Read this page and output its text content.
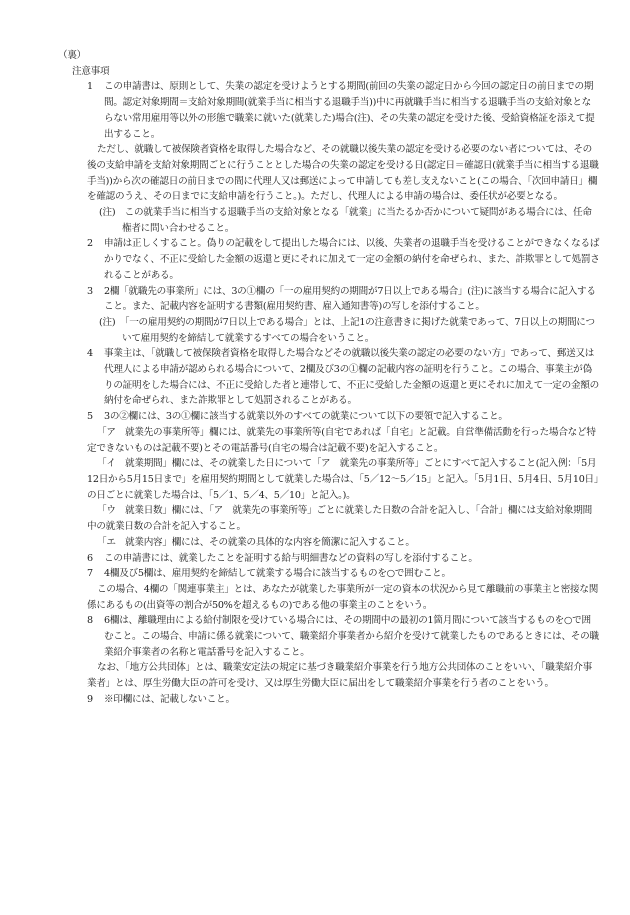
（裏）

注意事項

1 この申請書は、原則として、失業の認定を受けようとする期間(前回の失業の認定日から今回の認定日の前日までの期間。認定対象期間＝支給対象期間(就業手当に相当する退職手当))中に再就職手当に相当する退職手当の支給対象とならない常用雇用等以外の形態で職業に就いた(就業した)場合(注)、その失業の認定を受けた後、受給資格証を添えて提出すること。

ただし、就職して被保険者資格を取得した場合など、その就職以後失業の認定を受ける必要のない者については、その後の支給申請を支給対象期間ごとに行うこととした場合の失業の認定を受ける日(認定日＝確認日(就業手当に相当する退職手当))から次の確認日の前日までの間に代理人又は郵送によって申請しても差し支えないこと(この場合、「次回申請日」欄を確認のうえ、その日までに支給申請を行うこと。)。ただし、代理人による申請の場合は、委任状が必要となる。

(注)　この就業手当に相当する退職手当の支給対象となる「就業」に当たるか否かについて疑問がある場合には、任命権者に問い合わせること。

2 申請は正しくすること。偽りの記載をして提出した場合には、以後、失業者の退職手当を受けることができなくなるばかりでなく、不正に受給した金額の返還と更にそれに加えて一定の金額の納付を命ぜられ、また、詐欺罪として処罰されることがある。

3 2欄「就職先の事業所」には、3の①欄の「一の雇用契約の期間が7日以上である場合」(注)に該当する場合に記入すること。また、記載内容を証明する書類(雇用契約書、雇入通知書等)の写しを添付すること。

(注)　「一の雇用契約の期間が7日以上である場合」とは、上記1の注意書きに掲げた就業であって、7日以上の期間について雇用契約を締結して就業するすべての場合をいうこと。

4 事業主は、「就職して被保険者資格を取得した場合などその就職以後失業の認定の必要のない方」であって、郵送又は代理人による申請が認められる場合について、2欄及び3の①欄の記載内容の証明を行うこと。この場合、事業主が偽りの証明をした場合には、不正に受給した者と連帯して、不正に受給した金額の返還と更にそれに加えて一定の金額の納付を命ぜられ、また詐欺罪として処罰されることがある。

5 3の②欄には、3の①欄に該当する就業以外のすべての就業について以下の要領で記入すること。

「ア　就業先の事業所等」欄には、就業先の事業所等(自宅であれば「自宅」と記載。自営準備活動を行った場合など特定できないものは記載不要)とその電話番号(自宅の場合は記載不要)を記入すること。

「イ　就業期間」欄には、その就業した日について「ア　就業先の事業所等」ごとにすべて記入すること(記入例：「5月12日から5月15日まで」を雇用契約期間として就業した場合は、「5／12〜5／15」と記入。「5月1日、5月4日、5月10日」の日ごとに就業した場合は、「5／1、5／4、5／10」と記入。)。

「ウ　就業日数」欄には、「ア　就業先の事業所等」ごとに就業した日数の合計を記入し、「合計」欄には支給対象期間中の就業日数の合計を記入すること。

「エ　就業内容」欄には、その就業の具体的な内容を簡潔に記入すること。

6 この申請書には、就業したことを証明する給与明細書などの資料の写しを添付すること。

7 4欄及び5欄は、雇用契約を締結して就業する場合に該当するものを○で囲むこと。

この場合、4欄の「関連事業主」とは、あなたが就業した事業所が一定の資本の状況から見て離職前の事業主と密接な関係にあるもの(出資等の割合が50%を超えるもの)である他の事業主のことをいう。

8 6欄は、離職理由による給付制限を受けている場合には、その期間中の最初の1箇月間について該当するものを○で囲むこと。この場合、申請に係る就業について、職業紹介事業者から紹介を受けて就業したものであるときには、その職業紹介事業者の名称と電話番号を記入すること。

なお、「地方公共団体」とは、職業安定法の規定に基づき職業紹介事業を行う地方公共団体のことをいい、「職業紹介事業者」とは、厚生労働大臣の許可を受け、又は厚生労働大臣に届出をして職業紹介事業を行う者のことをいう。

9 ※印欄には、記載しないこと。
